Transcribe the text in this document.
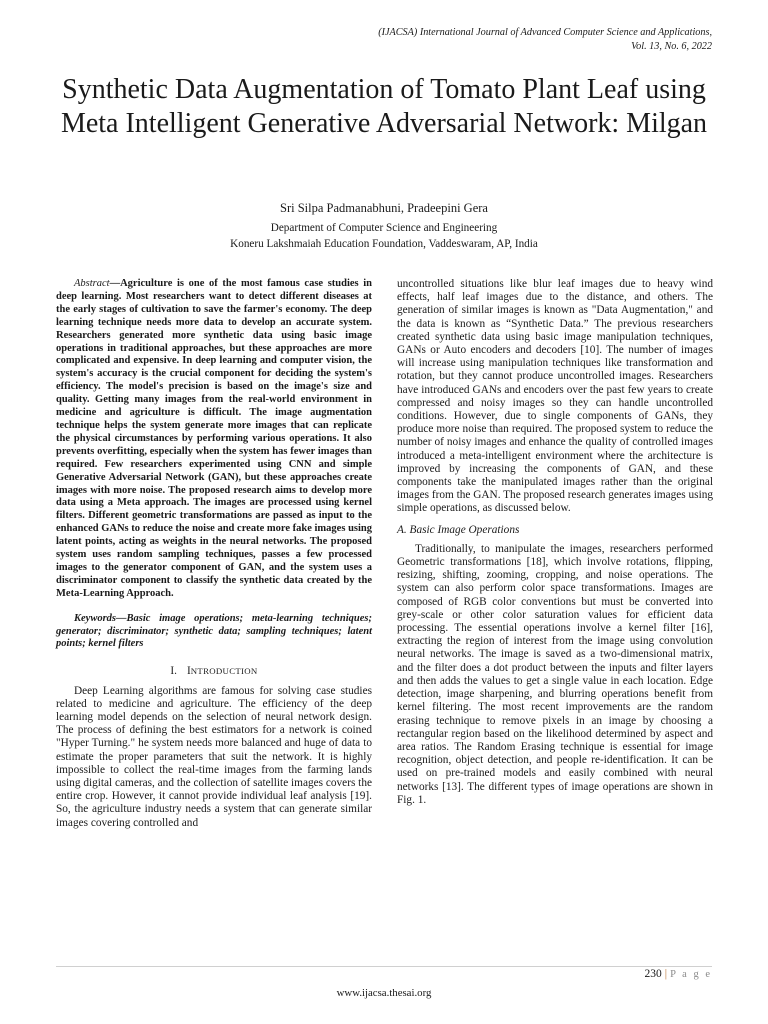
(IJACSA) International Journal of Advanced Computer Science and Applications,
Vol. 13, No. 6, 2022
Synthetic Data Augmentation of Tomato Plant Leaf using Meta Intelligent Generative Adversarial Network: Milgan
Sri Silpa Padmanabhuni, Pradeepini Gera
Department of Computer Science and Engineering
Koneru Lakshmaiah Education Foundation, Vaddeswaram, AP, India

Abstract—Agriculture is one of the most famous case studies in deep learning. Most researchers want to detect different diseases at the early stages of cultivation to save the farmer's economy. The deep learning technique needs more data to develop an accurate system. Researchers generated more synthetic data using basic image operations in traditional approaches, but these approaches are more complicated and expensive. In deep learning and computer vision, the system's accuracy is the crucial component for deciding the system's efficiency. The model's precision is based on the image's size and quality. Getting many images from the real-world environment in medicine and agriculture is difficult. The image augmentation technique helps the system generate more images that can replicate the physical circumstances by performing various operations. It also prevents overfitting, especially when the system has fewer images than required. Few researchers experimented using CNN and simple Generative Adversarial Network (GAN), but these approaches create images with more noise. The proposed research aims to develop more data using a Meta approach. The images are processed using kernel filters. Different geometric transformations are passed as input to the enhanced GANs to reduce the noise and create more fake images using latent points, acting as weights in the neural networks. The proposed system uses random sampling techniques, passes a few processed images to the generator component of GAN, and the system uses a discriminator component to classify the synthetic data created by the Meta-Learning Approach.

Keywords—Basic image operations; meta-learning techniques; generator; discriminator; synthetic data; sampling techniques; latent points; kernel filters

I. INTRODUCTION

Deep Learning algorithms are famous for solving case studies related to medicine and agriculture. The efficiency of the deep learning model depends on the selection of neural network design. The process of defining the best estimators for a network is coined "Hyper Turning." he system needs more balanced and huge of data to estimate the proper parameters that suit the network. It is highly impossible to collect the real-time images from the farming lands using digital cameras, and the collection of satellite images covers the entire crop. However, it cannot provide individual leaf analysis [19]. So, the agriculture industry needs a system that can generate similar images covering controlled and

uncontrolled situations like blur leaf images due to heavy wind effects, half leaf images due to the distance, and others. The generation of similar images is known as "Data Augmentation," and the data is known as “Synthetic Data.” The previous researchers created synthetic data using basic image manipulation techniques, GANs or Auto encoders and decoders [10]. The number of images will increase using manipulation techniques like transformation and rotation, but they cannot produce uncontrolled images. Researchers have introduced GANs and encoders over the past few years to create compressed and noisy images so they can handle uncontrolled conditions. However, due to single components of GANs, they produce more noise than required. The proposed system to reduce the number of noisy images and enhance the quality of controlled images introduced a meta-intelligent environment where the architecture is improved by increasing the components of GAN, and these components take the manipulated images rather than the original images from the GAN. The proposed research generates images using simple operations, as discussed below.

A. Basic Image Operations

Traditionally, to manipulate the images, researchers performed Geometric transformations [18], which involve rotations, flipping, resizing, shifting, zooming, cropping, and noise operations. The system can also perform color space transformations. Images are composed of RGB color conventions but must be converted into grey-scale or other color saturation values for efficient data processing. The essential operations involve a kernel filter [16], extracting the region of interest from the image using convolution neural networks. The image is saved as a two-dimensional matrix, and the filter does a dot product between the inputs and filter layers and then adds the values to get a single value in each location. Edge detection, image sharpening, and blurring operations benefit from kernel filtering. The most recent improvements are the random erasing technique to remove pixels in an image by choosing a rectangular region based on the likelihood determined by aspect and area ratios. The Random Erasing technique is essential for image recognition, object detection, and people re-identification. It can be used on pre-trained models and easily combined with neural networks [13]. The different types of image operations are shown in Fig. 1.

230 | P a g e
www.ijacsa.thesai.org
